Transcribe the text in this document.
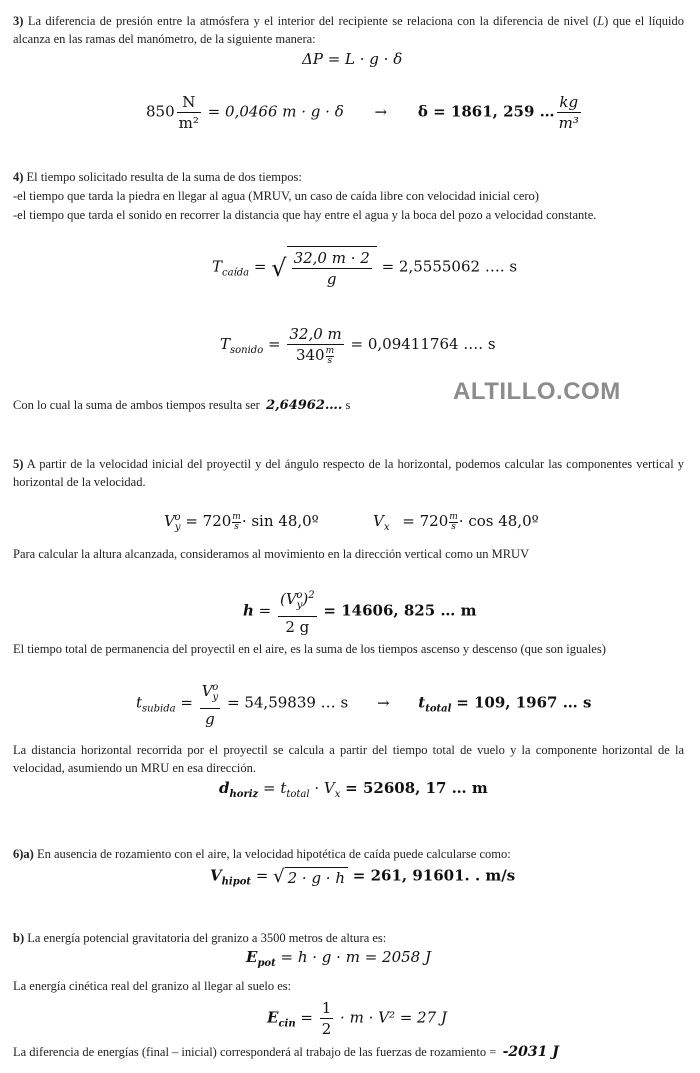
3) La diferencia de presión entre la atmósfera y el interior del recipiente se relaciona con la diferencia de nivel (L) que el líquido alcanza en las ramas del manómetro, de la siguiente manera:
ΔP = L · g · δ
$850 \frac{N}{\text{m²}} = 0,0466$ m · g · δ → δ = 1861, 259 … $\frac{kg}{\text{m³}}$
4) El tiempo solicitado resulta de la suma de dos tiempos:
-el tiempo que tarda la piedra en llegar al agua (MRUV, un caso de caída libre con velocidad inicial cero)
-el tiempo que tarda el sonido en recorrer la distancia que hay entre el agua y la boca del pozo a velocidad constante.
$T_{caída}$ = √ $\frac{32,0 m \cdot 2}{g} = 2,5555062$ …. s
$T_{sonido} = \frac{32,0 m}{340 \frac{m}{s}} = 0,09411764$ …. s
Con lo cual la suma de ambos tiempos resulta ser 2,64962…. s	ALTILLO.COM
5) A partir de la velocidad inicial del proyectil y del ángulo respecto de la horizontal, podemos calcular las componentes vertical y horizontal de la velocidad.
$V_y^o = 720 \frac{m}{s} \cdot \sin$ 48,0º	$V_x = 720 \frac{m}{s} \cdot \cos$ 48,0º
Para calcular la altura alcanzada, consideramos al movimiento en la dirección vertical como un MRUV
$h = \frac{(V_y^o)^2}{2 g} = 14606$, 825 … m
El tiempo total de permanencia del proyectil en el aire, es la suma de los tiempos ascenso y descenso (que son iguales)
$t_{subida} = \frac{V_y^o}{g} = 54,59839$ … $s \to t_{total} = 109$, 1967 … s
La distancia horizontal recorrida por el proyectil se calcula a partir del tiempo total de vuelo y la componente horizontal de la velocidad, asumiendo un MRU en esa dirección.
$d_{horiz} = t_{total} \cdot V_x = 52608$, 17 … m
6)a) En ausencia de rozamiento con el aire, la velocidad hipotética de caída puede calcularse como:
$V_{hipot}$ = √ 2 · g · h = 261, 91601. . m/s
b) La energía potencial gravitatoria del granizo a 3500 metros de altura es:
$E_{pot} = h \cdot g \cdot m = 2058$ J
La energía cinética real del granizo al llegar al suelo es:
$E_{cin} = \frac{1}{2} \cdot m \cdot V^2 = 27$ J
La diferencia de energías (final – inicial) corresponderá al trabajo de las fuerzas de rozamiento = -2031 J
